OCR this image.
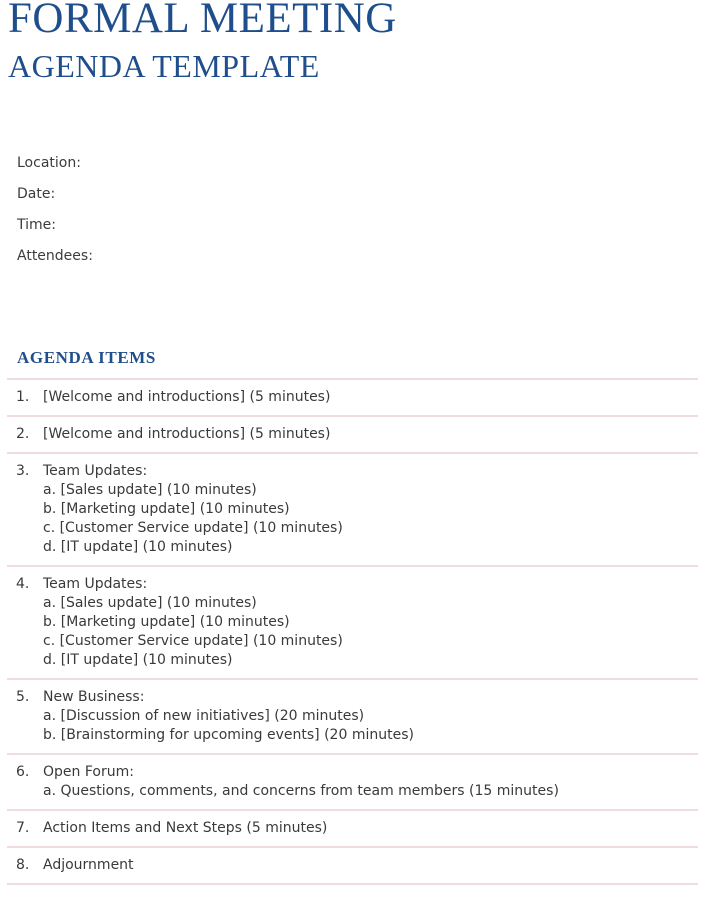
FORMAL MEETING
AGENDA TEMPLATE
Location:
Date:
Time:
Attendees:
AGENDA ITEMS
1. [Welcome and introductions] (5 minutes)
2. [Welcome and introductions] (5 minutes)
3. Team Updates:
a. [Sales update] (10 minutes)
b. [Marketing update] (10 minutes)
c. [Customer Service update] (10 minutes)
d. [IT update] (10 minutes)
4. Team Updates:
a. [Sales update] (10 minutes)
b. [Marketing update] (10 minutes)
c. [Customer Service update] (10 minutes)
d. [IT update] (10 minutes)
5. New Business:
a. [Discussion of new initiatives] (20 minutes)
b. [Brainstorming for upcoming events] (20 minutes)
6. Open Forum:
a. Questions, comments, and concerns from team members (15 minutes)
7. Action Items and Next Steps (5 minutes)
8. Adjournment
